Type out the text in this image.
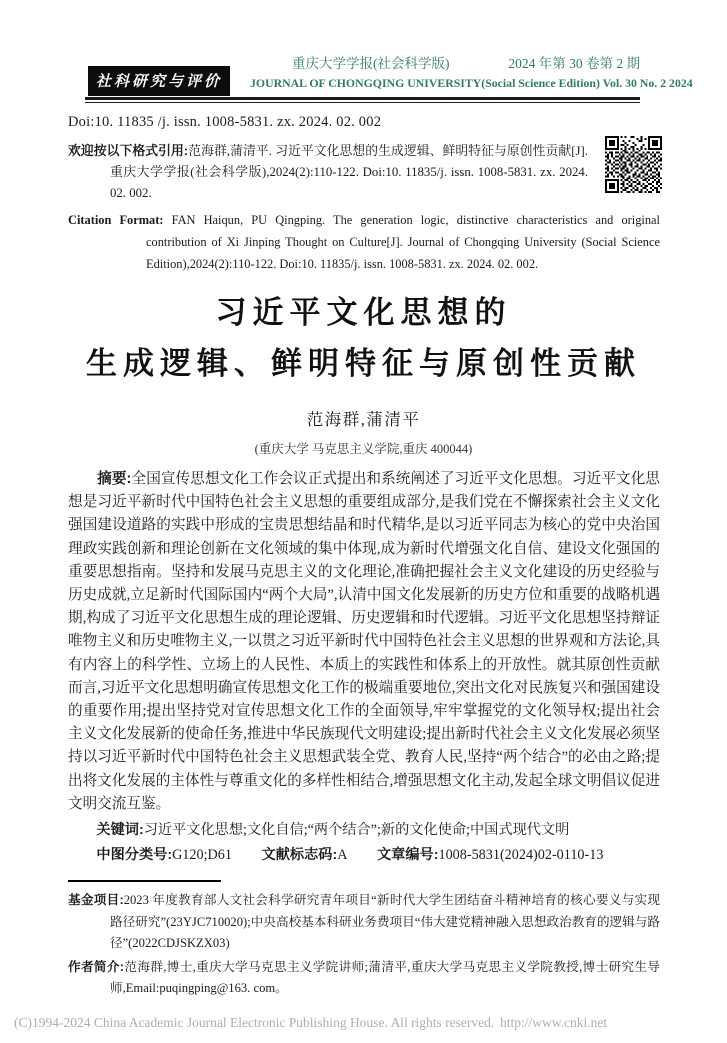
社科研究与评价
重庆大学学报(社会科学版)	2024 年第 30 卷第 2 期
JOURNAL OF CHONGQING UNIVERSITY(Social Science Edition) Vol. 30 No. 2 2024

Doi:10. 11835 /j. issn. 1008-5831. zx. 2024. 02. 002

欢迎按以下格式引用:范海群,蒲清平. 习近平文化思想的生成逻辑、鲜明特征与原创性贡献[J]. 重庆大学学报(社会科学版),2024(2):110-122. Doi:10. 11835/j. issn. 1008-5831. zx. 2024. 02. 002.

Citation Format: FAN Haiqun, PU Qingping. The generation logic, distinctive characteristics and original contribution of Xi Jinping Thought on Culture[J]. Journal of Chongqing University (Social Science Edition),2024(2):110-122. Doi:10. 11835/j. issn. 1008-5831. zx. 2024. 02. 002.

习近平文化思想的
生成逻辑、鲜明特征与原创性贡献
范海群,蒲清平
(重庆大学 马克思主义学院,重庆 400044)

摘要:全国宣传思想文化工作会议正式提出和系统阐述了习近平文化思想。习近平文化思想是习近平新时代中国特色社会主义思想的重要组成部分,是我们党在不懈探索社会主义文化强国建设道路的实践中形成的宝贵思想结晶和时代精华,是以习近平同志为核心的党中央治国理政实践创新和理论创新在文化领域的集中体现,成为新时代增强文化自信、建设文化强国的重要思想指南。坚持和发展马克思主义的文化理论,准确把握社会主义文化建设的历史经验与历史成就,立足新时代国际国内“两个大局”,认清中国文化发展新的历史方位和重要的战略机遇期,构成了习近平文化思想生成的理论逻辑、历史逻辑和时代逻辑。习近平文化思想坚持辩证唯物主义和历史唯物主义,一以贯之习近平新时代中国特色社会主义思想的世界观和方法论,具有内容上的科学性、立场上的人民性、本质上的实践性和体系上的开放性。就其原创性贡献而言,习近平文化思想明确宣传思想文化工作的极端重要地位,突出文化对民族复兴和强国建设的重要作用;提出坚持党对宣传思想文化工作的全面领导,牢牢掌握党的文化领导权;提出社会主义文化发展新的使命任务,推进中华民族现代文明建设;提出新时代社会主义文化发展必须坚持以习近平新时代中国特色社会主义思想武装全党、教育人民,坚持“两个结合”的必由之路;提出将文化发展的主体性与尊重文化的多样性相结合,增强思想文化主动,发起全球文明倡议促进文明交流互鉴。

关键词:习近平文化思想;文化自信;“两个结合”;新的文化使命;中国式现代文明

中图分类号:G120;D61 文献标志码:A 文章编号:1008-5831(2024)02-0110-13

基金项目:2023 年度教育部人文社会科学研究青年项目“新时代大学生团结奋斗精神培育的核心要义与实现路径研究”(23YJC710020);中央高校基本科研业务费项目“伟大建党精神融入思想政治教育的逻辑与路径”(2022CDJSKZX03)

作者简介:范海群,博士,重庆大学马克思主义学院讲师;蒲清平,重庆大学马克思主义学院教授,博士研究生导师,Email:puqingping@163. com。

(C)1994-2024 China Academic Journal Electronic Publishing House. All rights reserved. http://www.cnki.net
